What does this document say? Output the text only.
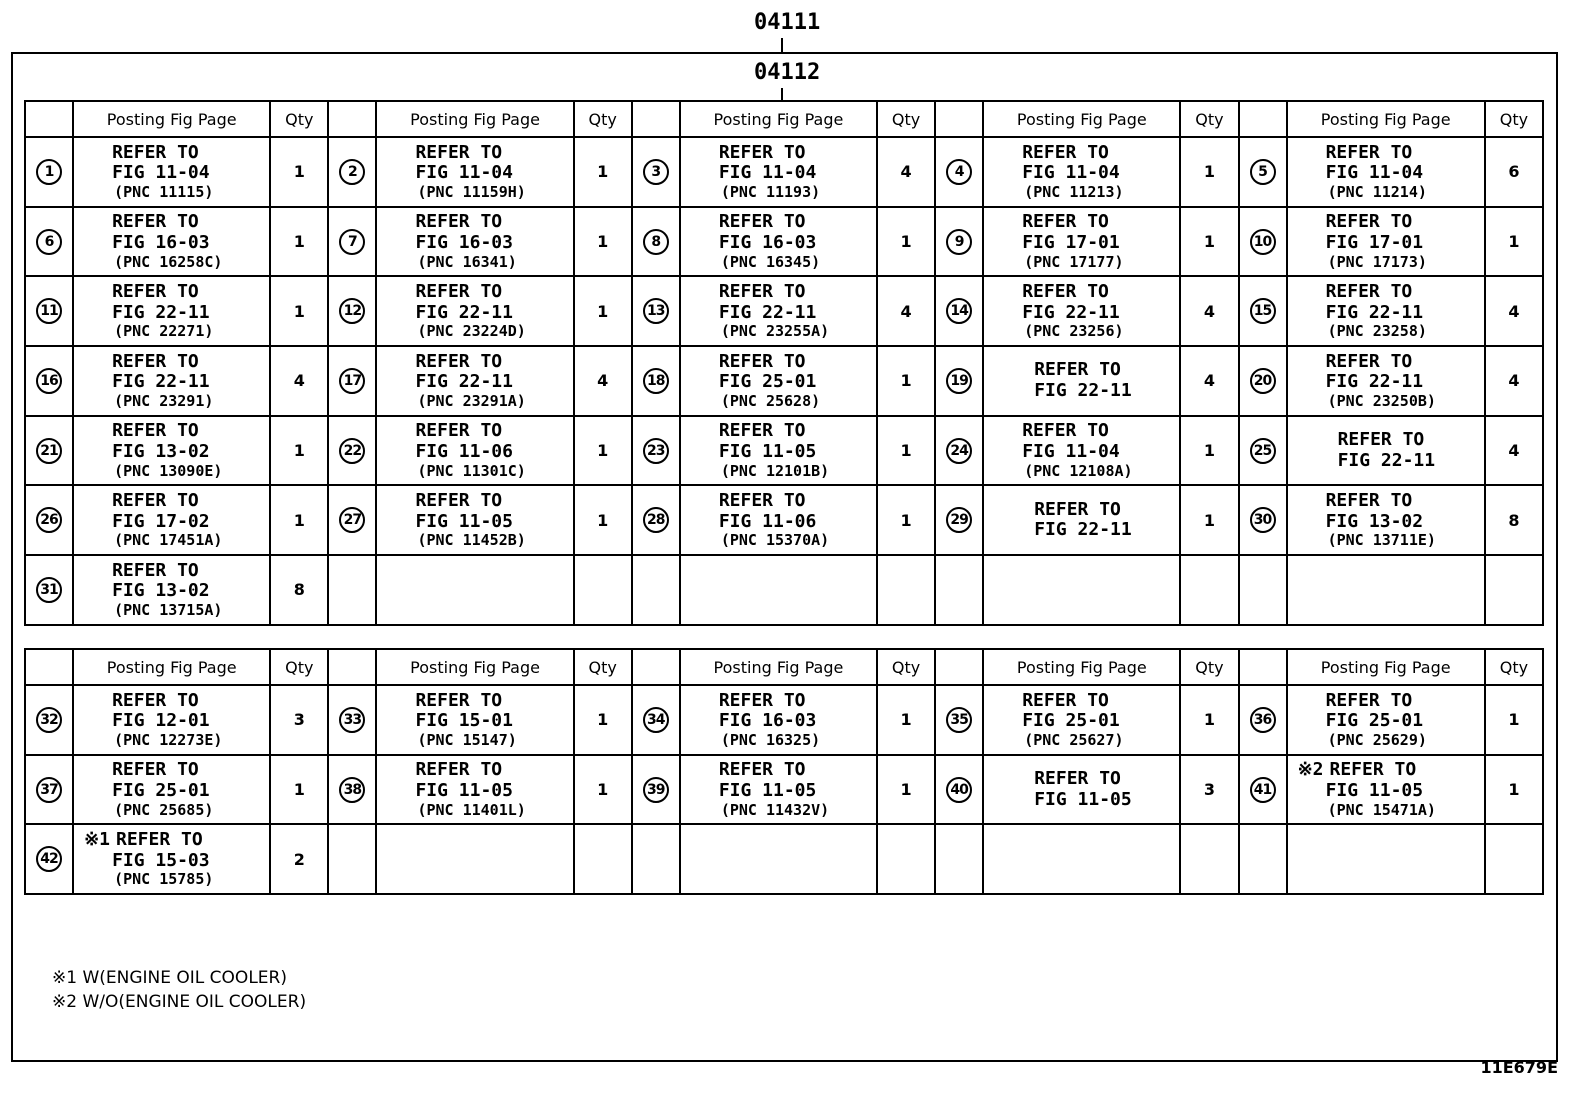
04111
04112
	Posting Fig Page	Qty		Posting Fig Page	Qty		Posting Fig Page	Qty		Posting Fig Page	Qty		Posting Fig Page	Qty
1	REFER TO
FIG 11-04
(PNC 11115)	1	2	REFER TO
FIG 11-04
(PNC 11159H)	1	3	REFER TO
FIG 11-04
(PNC 11193)	4	4	REFER TO
FIG 11-04
(PNC 11213)	1	5	REFER TO
FIG 11-04
(PNC 11214)	6
6	REFER TO
FIG 16-03
(PNC 16258C)	1	7	REFER TO
FIG 16-03
(PNC 16341)	1	8	REFER TO
FIG 16-03
(PNC 16345)	1	9	REFER TO
FIG 17-01
(PNC 17177)	1	10	REFER TO
FIG 17-01
(PNC 17173)	1
11	REFER TO
FIG 22-11
(PNC 22271)	1	12	REFER TO
FIG 22-11
(PNC 23224D)	1	13	REFER TO
FIG 22-11
(PNC 23255A)	4	14	REFER TO
FIG 22-11
(PNC 23256)	4	15	REFER TO
FIG 22-11
(PNC 23258)	4
16	REFER TO
FIG 22-11
(PNC 23291)	4	17	REFER TO
FIG 22-11
(PNC 23291A)	4	18	REFER TO
FIG 25-01
(PNC 25628)	1	19	REFER TO
FIG 22-11	4	20	REFER TO
FIG 22-11
(PNC 23250B)	4
21	REFER TO
FIG 13-02
(PNC 13090E)	1	22	REFER TO
FIG 11-06
(PNC 11301C)	1	23	REFER TO
FIG 11-05
(PNC 12101B)	1	24	REFER TO
FIG 11-04
(PNC 12108A)	1	25	REFER TO
FIG 22-11	4
26	REFER TO
FIG 17-02
(PNC 17451A)	1	27	REFER TO
FIG 11-05
(PNC 11452B)	1	28	REFER TO
FIG 11-06
(PNC 15370A)	1	29	REFER TO
FIG 22-11	1	30	REFER TO
FIG 13-02
(PNC 13711E)	8
31	REFER TO
FIG 13-02
(PNC 13715A)	8												
	Posting Fig Page	Qty		Posting Fig Page	Qty		Posting Fig Page	Qty		Posting Fig Page	Qty		Posting Fig Page	Qty
32	REFER TO
FIG 12-01
(PNC 12273E)	3	33	REFER TO
FIG 15-01
(PNC 15147)	1	34	REFER TO
FIG 16-03
(PNC 16325)	1	35	REFER TO
FIG 25-01
(PNC 25627)	1	36	REFER TO
FIG 25-01
(PNC 25629)	1
37	REFER TO
FIG 25-01
(PNC 25685)	1	38	REFER TO
FIG 11-05
(PNC 11401L)	1	39	REFER TO
FIG 11-05
(PNC 11432V)	1	40	REFER TO
FIG 11-05	3	41	※2 REFER TO
FIG 11-05
(PNC 15471A)	1
42	※1 REFER TO
FIG 15-03
(PNC 15785)	2												
※1 W(ENGINE OIL COOLER)
※2 W/O(ENGINE OIL COOLER)
11E679E
